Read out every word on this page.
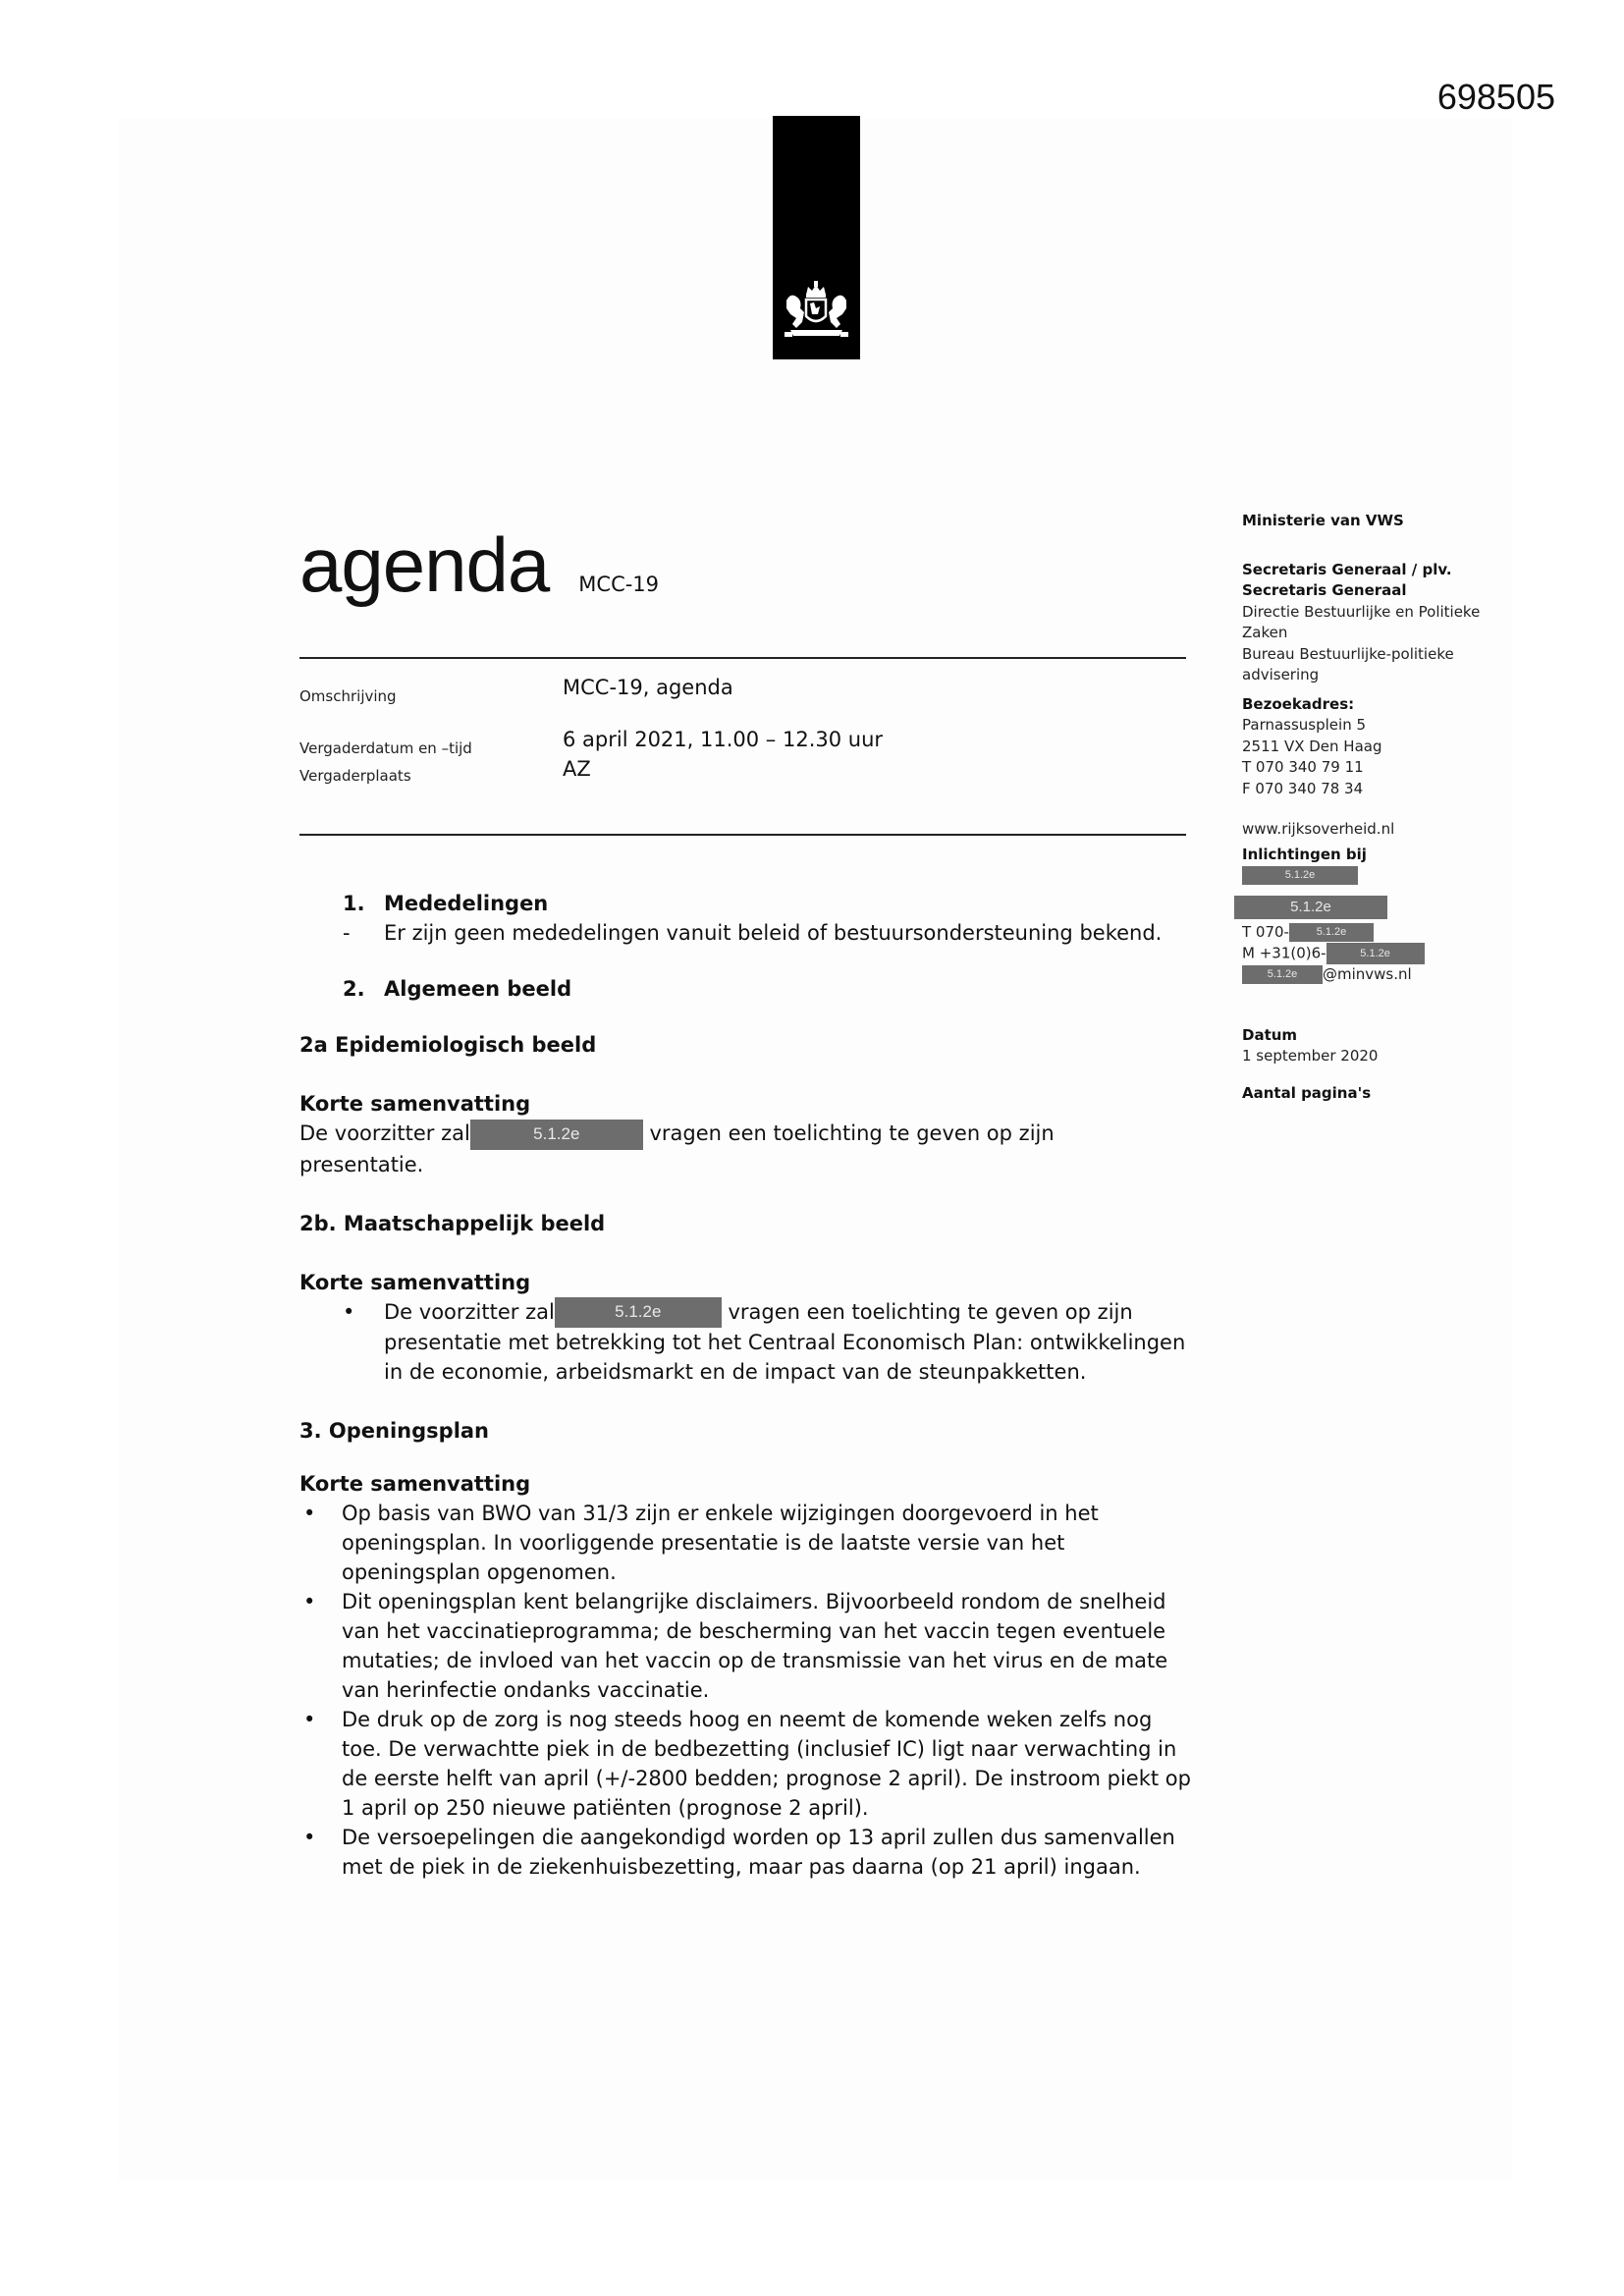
698505
agenda MCC-19
Omschrijving	MCC-19, agenda
Vergaderdatum en –tijd	6 april 2021, 11.00 – 12.30 uur
Vergaderplaats	AZ
1. Mededelingen
-	Er zijn geen mededelingen vanuit beleid of bestuursondersteuning bekend.
2. Algemeen beeld
2a Epidemiologisch beeld
Korte samenvatting
De voorzitter zal	5.1.2e	vragen een toelichting te geven op zijn
presentatie.
2b. Maatschappelijk beeld
Korte samenvatting
• De voorzitter zal	5.1.2e	vragen een toelichting te geven op zijn presentatie met betrekking tot het Centraal Economisch Plan: ontwikkelingen in de economie, arbeidsmarkt en de impact van de steunpakketten.
3. Openingsplan
Korte samenvatting
• Op basis van BWO van 31/3 zijn er enkele wijzigingen doorgevoerd in het openingsplan. In voorliggende presentatie is de laatste versie van het openingsplan opgenomen.
• Dit openingsplan kent belangrijke disclaimers. Bijvoorbeeld rondom de snelheid van het vaccinatieprogramma; de bescherming van het vaccin tegen eventuele mutaties; de invloed van het vaccin op de transmissie van het virus en de mate van herinfectie ondanks vaccinatie.
• De druk op de zorg is nog steeds hoog en neemt de komende weken zelfs nog toe. De verwachtte piek in de bedbezetting (inclusief IC) ligt naar verwachting in de eerste helft van april (+/-2800 bedden; prognose 2 april). De instroom piekt op 1 april op 250 nieuwe patiënten (prognose 2 april).
• De versoepelingen die aangekondigd worden op 13 april zullen dus samenvallen met de piek in de ziekenhuisbezetting, maar pas daarna (op 21 april) ingaan.
Ministerie van VWS
Secretaris Generaal / plv.
Secretaris Generaal
Directie Bestuurlijke en Politieke
Zaken
Bureau Bestuurlijke-politieke
advisering
Bezoekadres:
Parnassusplein 5
2511 VX Den Haag
T 070 340 79 11
F 070 340 78 34
www.rijksoverheid.nl
Inlichtingen bij
5.1.2e
5.1.2e
T 070-	5.1.2e
M +31(0)6-	5.1.2e
5.1.2e @minvws.nl
Datum
1 september 2020
Aantal pagina's
